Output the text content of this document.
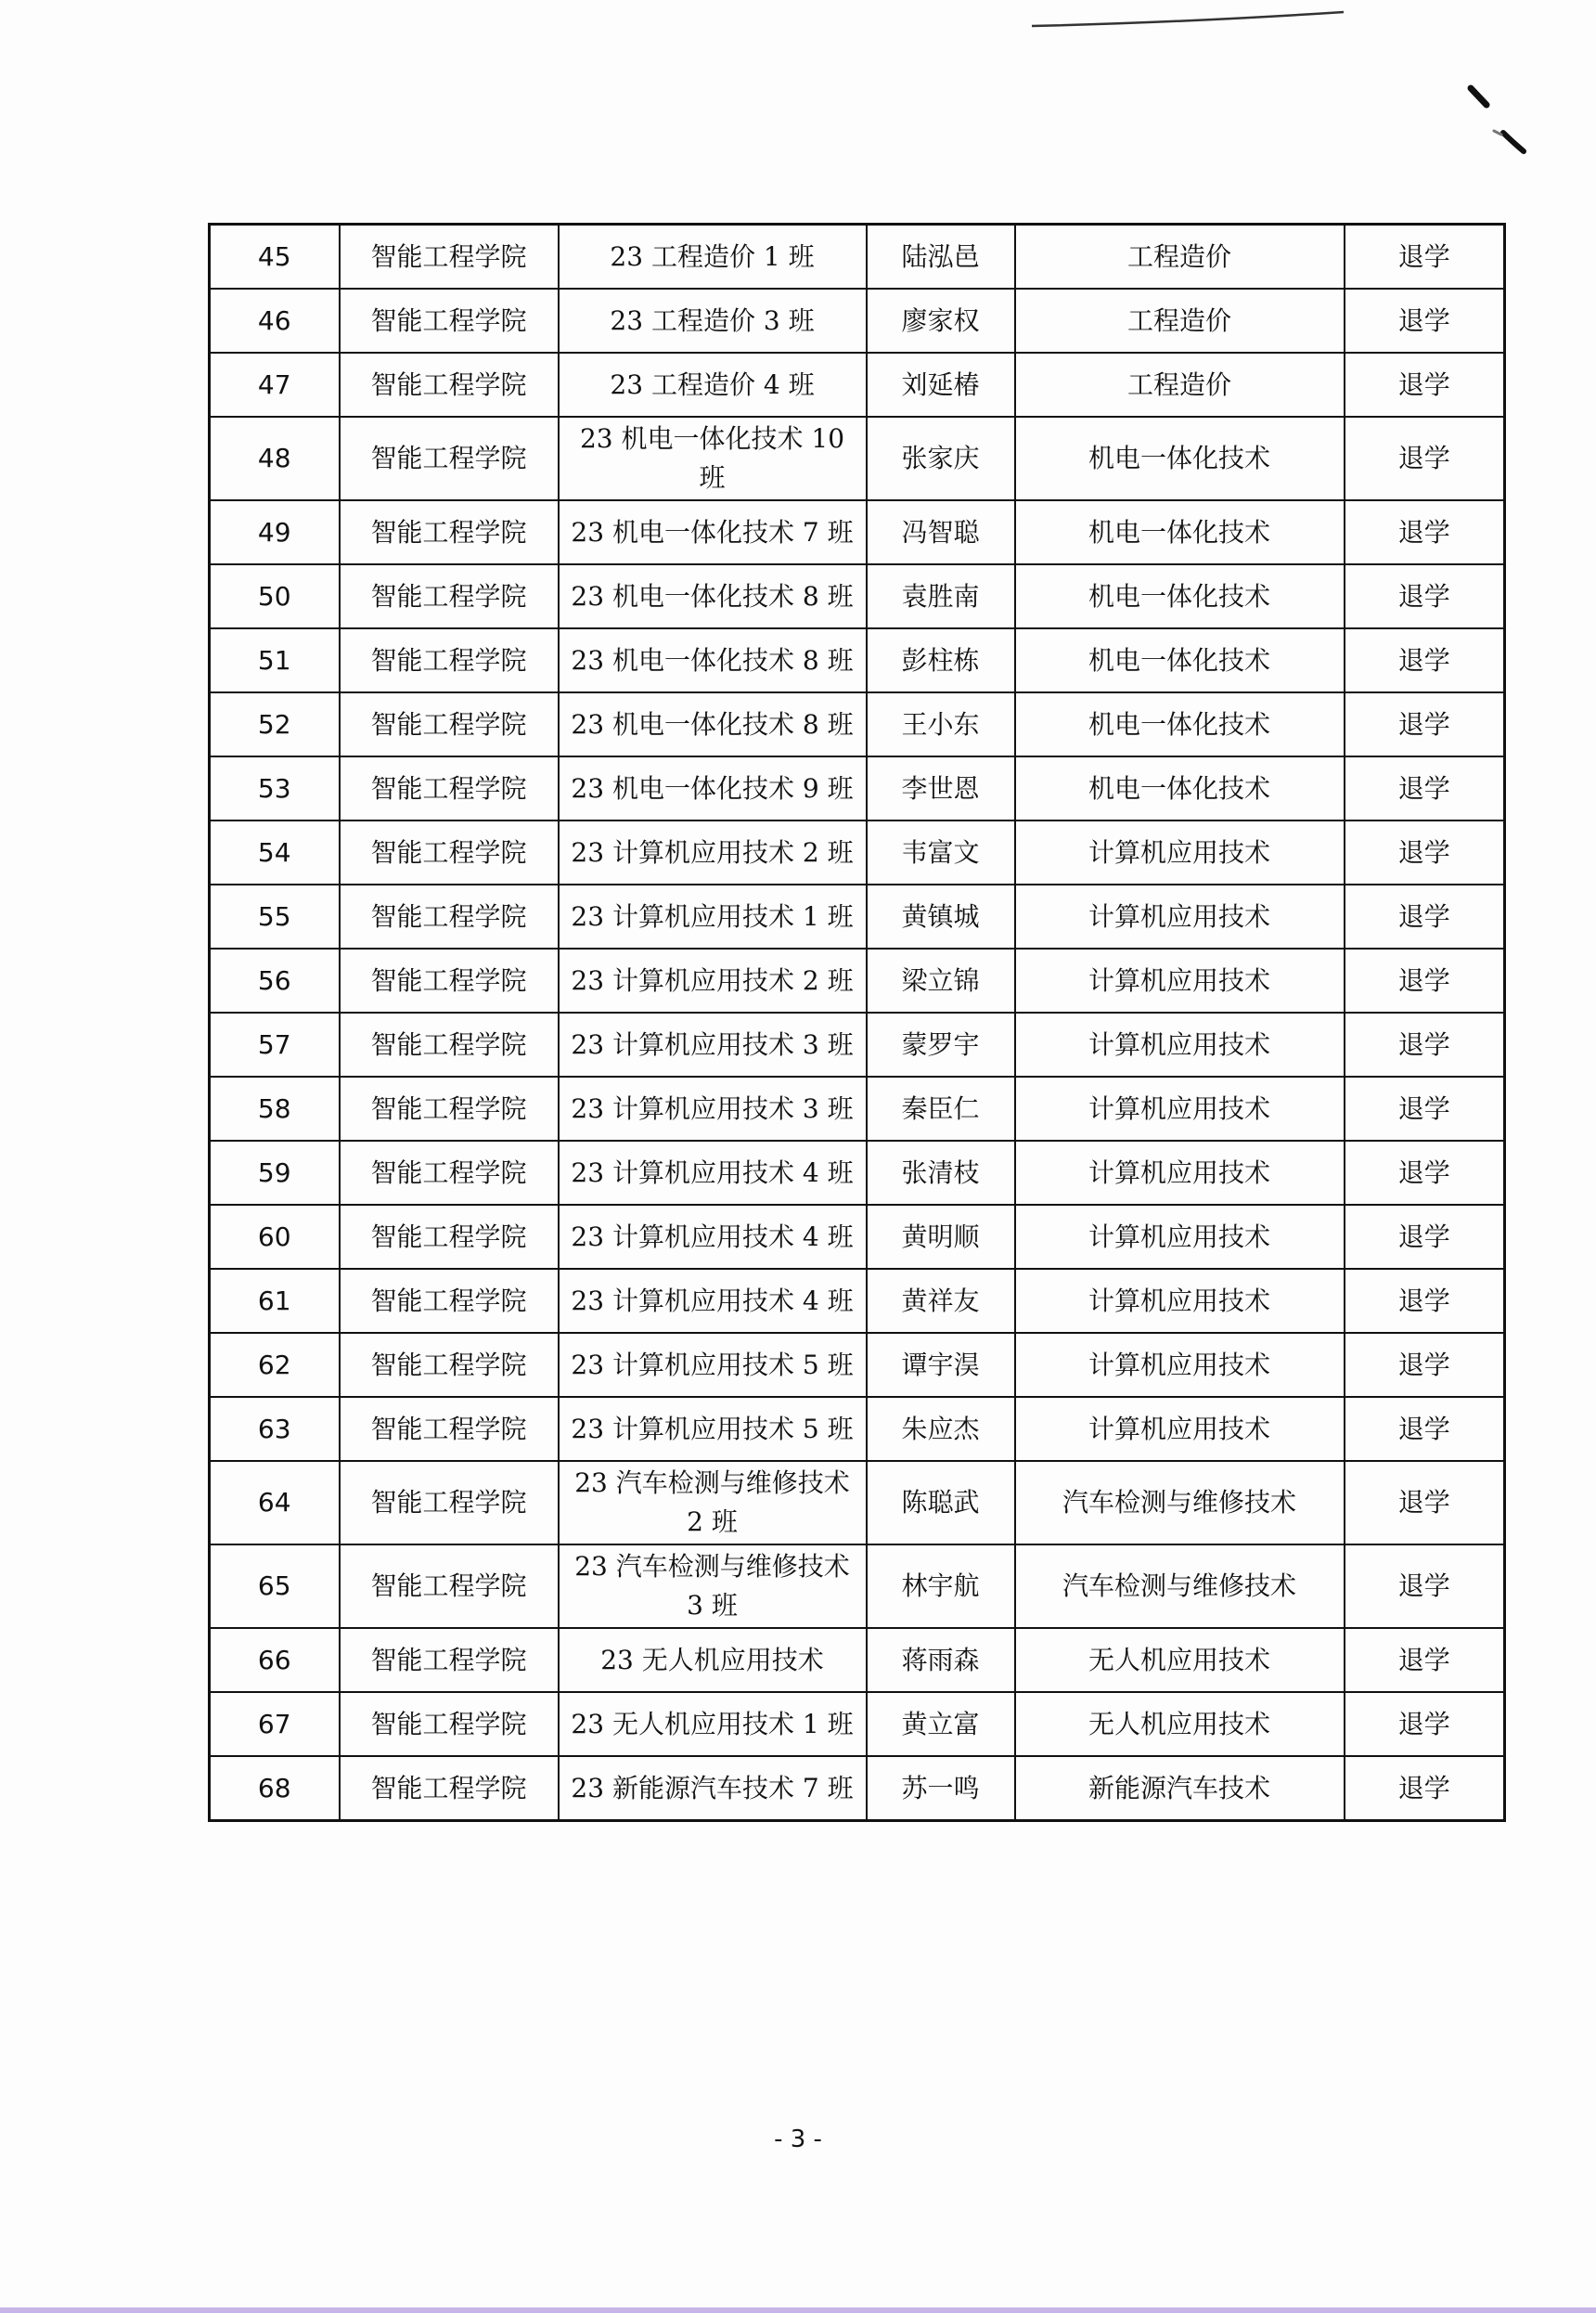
45	智能工程学院	23 工程造价 1 班	陆泓邑	工程造价	退学
46	智能工程学院	23 工程造价 3 班	廖家权	工程造价	退学
47	智能工程学院	23 工程造价 4 班	刘延椿	工程造价	退学
48	智能工程学院	23 机电一体化技术 10 班	张家庆	机电一体化技术	退学
49	智能工程学院	23 机电一体化技术 7 班	冯智聪	机电一体化技术	退学
50	智能工程学院	23 机电一体化技术 8 班	袁胜南	机电一体化技术	退学
51	智能工程学院	23 机电一体化技术 8 班	彭柱栋	机电一体化技术	退学
52	智能工程学院	23 机电一体化技术 8 班	王小东	机电一体化技术	退学
53	智能工程学院	23 机电一体化技术 9 班	李世恩	机电一体化技术	退学
54	智能工程学院	23 计算机应用技术 2 班	韦富文	计算机应用技术	退学
55	智能工程学院	23 计算机应用技术 1 班	黄镇城	计算机应用技术	退学
56	智能工程学院	23 计算机应用技术 2 班	梁立锦	计算机应用技术	退学
57	智能工程学院	23 计算机应用技术 3 班	蒙罗宇	计算机应用技术	退学
58	智能工程学院	23 计算机应用技术 3 班	秦臣仁	计算机应用技术	退学
59	智能工程学院	23 计算机应用技术 4 班	张清枝	计算机应用技术	退学
60	智能工程学院	23 计算机应用技术 4 班	黄明顺	计算机应用技术	退学
61	智能工程学院	23 计算机应用技术 4 班	黄祥友	计算机应用技术	退学
62	智能工程学院	23 计算机应用技术 5 班	谭宇淏	计算机应用技术	退学
63	智能工程学院	23 计算机应用技术 5 班	朱应杰	计算机应用技术	退学
64	智能工程学院	23 汽车检测与维修技术 2 班	陈聪武	汽车检测与维修技术	退学
65	智能工程学院	23 汽车检测与维修技术 3 班	林宇航	汽车检测与维修技术	退学
66	智能工程学院	23 无人机应用技术	蒋雨森	无人机应用技术	退学
67	智能工程学院	23 无人机应用技术 1 班	黄立富	无人机应用技术	退学
68	智能工程学院	23 新能源汽车技术 7 班	苏一鸣	新能源汽车技术	退学
- 3 -
